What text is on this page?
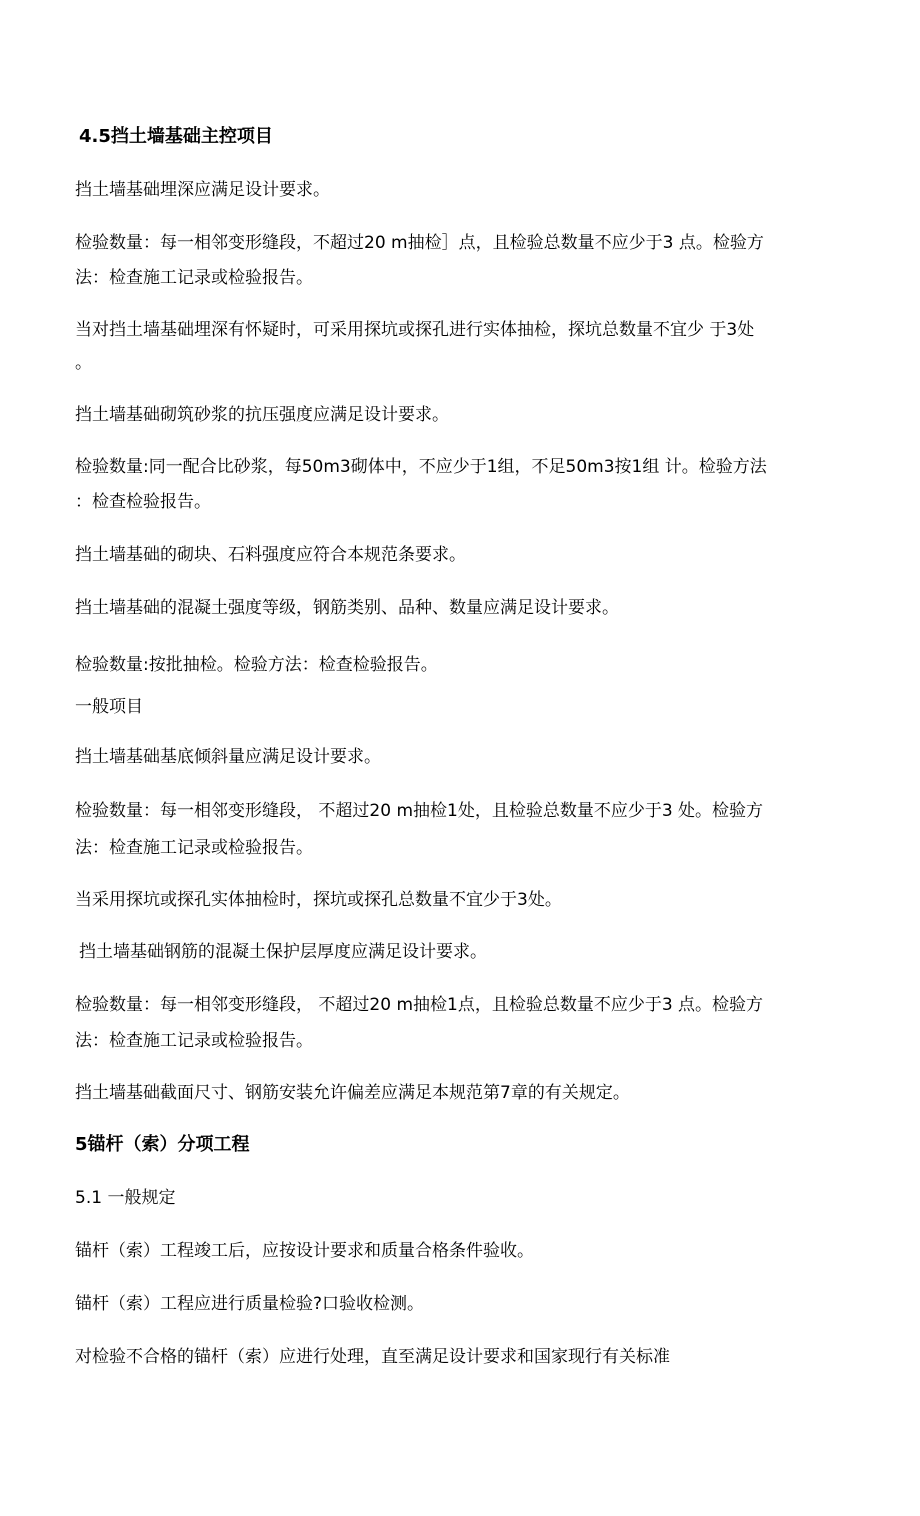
4.5挡土墙基础主控项目
挡土墙基础埋深应满足设计要求。
检验数量：每一相邻变形缝段，不超过20 m抽检］点，且检验总数量不应少于3 点。检验方
法：检查施工记录或检验报告。
当对挡土墙基础埋深有怀疑时，可采用探坑或探孔进行实体抽检，探坑总数量不宜少 于3处
。
挡土墙基础砌筑砂浆的抗压强度应满足设计要求。
检验数量:同一配合比砂浆，每50m3砌体中，不应少于1组，不足50m3按1组 计。检验方法
：检查检验报告。
挡土墙基础的砌块、石料强度应符合本规范条要求。
挡土墙基础的混凝土强度等级，钢筋类别、品种、数量应满足设计要求。
检验数量:按批抽检。检验方法：检查检验报告。
一般项目
挡土墙基础基底倾斜量应满足设计要求。
检验数量：每一相邻变形缝段， 不超过20 m抽检1处，且检验总数量不应少于3 处。检验方
法：检查施工记录或检验报告。
当采用探坑或探孔实体抽检时，探坑或探孔总数量不宜少于3处。
挡土墙基础钢筋的混凝土保护层厚度应满足设计要求。
检验数量：每一相邻变形缝段， 不超过20 m抽检1点，且检验总数量不应少于3 点。检验方
法：检查施工记录或检验报告。
挡土墙基础截面尺寸、钢筋安装允许偏差应满足本规范第7章的有关规定。
5锚杆（索）分项工程
5.1 一般规定
锚杆（索）工程竣工后，应按设计要求和质量合格条件验收。
锚杆（索）工程应进行质量检验?口验收检测。
对检验不合格的锚杆（索）应进行处理，直至满足设计要求和国家现行有关标准
